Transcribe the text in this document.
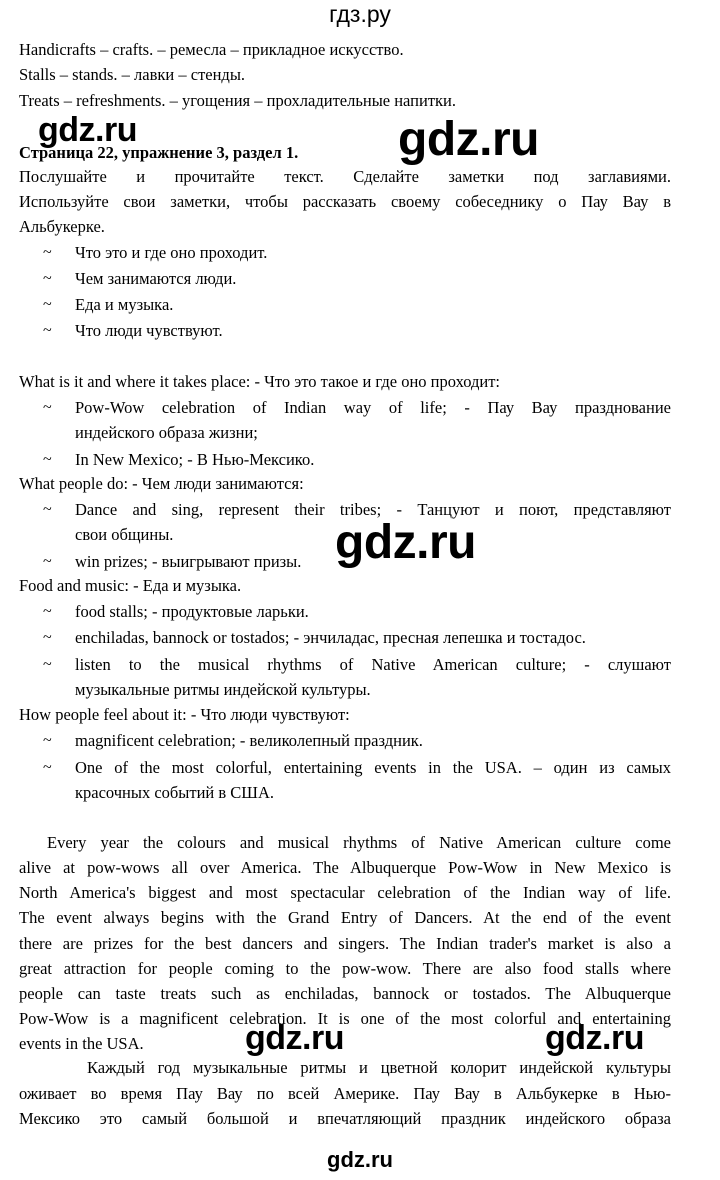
гдз.ру
Handicrafts – crafts. – ремесла – прикладное искусство.
Stalls – stands. – лавки – стенды.
Treats – refreshments. – угощения – прохладительные напитки.
gdz.ru	gdz.ru
Страница 22, упражнение 3, раздел 1.
Послушайте и прочитайте текст. Сделайте заметки под заглавиями.
Используйте свои заметки, чтобы рассказать своему собеседнику о Пау Вау в
Альбукерке.
~ Что это и где оно проходит.
~ Чем занимаются люди.
~ Еда и музыка.
~ Что люди чувствуют.
What is it and where it takes place: - Что это такое и где оно проходит:
~ Pow-Wow celebration of Indian way of life; - Пау Вау празднование
индейского образа жизни;
~ In New Mexico; - В Нью-Мексико.
What people do: - Чем люди занимаются:
~ Dance and sing, represent their tribes; - Танцуют и поют, представляют
свои общины.
~ win prizes; - выигрывают призы. gdz.ru
Food and music: - Еда и музыка.
~ food stalls; - продуктовые ларьки.
~ enchiladas, bannock or tostados; - энчиладас, пресная лепешка и тостадос.
~ listen to the musical rhythms of Native American culture; - слушают
музыкальные ритмы индейской культуры.
How people feel about it: - Что люди чувствуют:
~ magnificent celebration; - великолепный праздник.
~ One of the most colorful, entertaining events in the USA. – один из самых
красочных событий в США.
Every year the colours and musical rhythms of Native American culture come
alive at pow-wows all over America. The Albuquerque Pow-Wow in New Mexico is
North America's biggest and most spectacular celebration of the Indian way of life.
The event always begins with the Grand Entry of Dancers. At the end of the event
there are prizes for the best dancers and singers. The Indian trader's market is also a
great attraction for people coming to the pow-wow. There are also food stalls where
people can taste treats such as enchiladas, bannock or tostados. The Albuquerque
Pow-Wow is a magnificent celebration. It is one of the most colorful and entertaining
events in the USA.	gdz.ru	gdz.ru
Каждый год музыкальные ритмы и цветной колорит индейской культуры
оживает во время Пау Вау по всей Америке. Пау Вау в Альбукерке в Нью-
Мексико это самый большой и впечатляющий праздник индейского образа
gdz.ru
